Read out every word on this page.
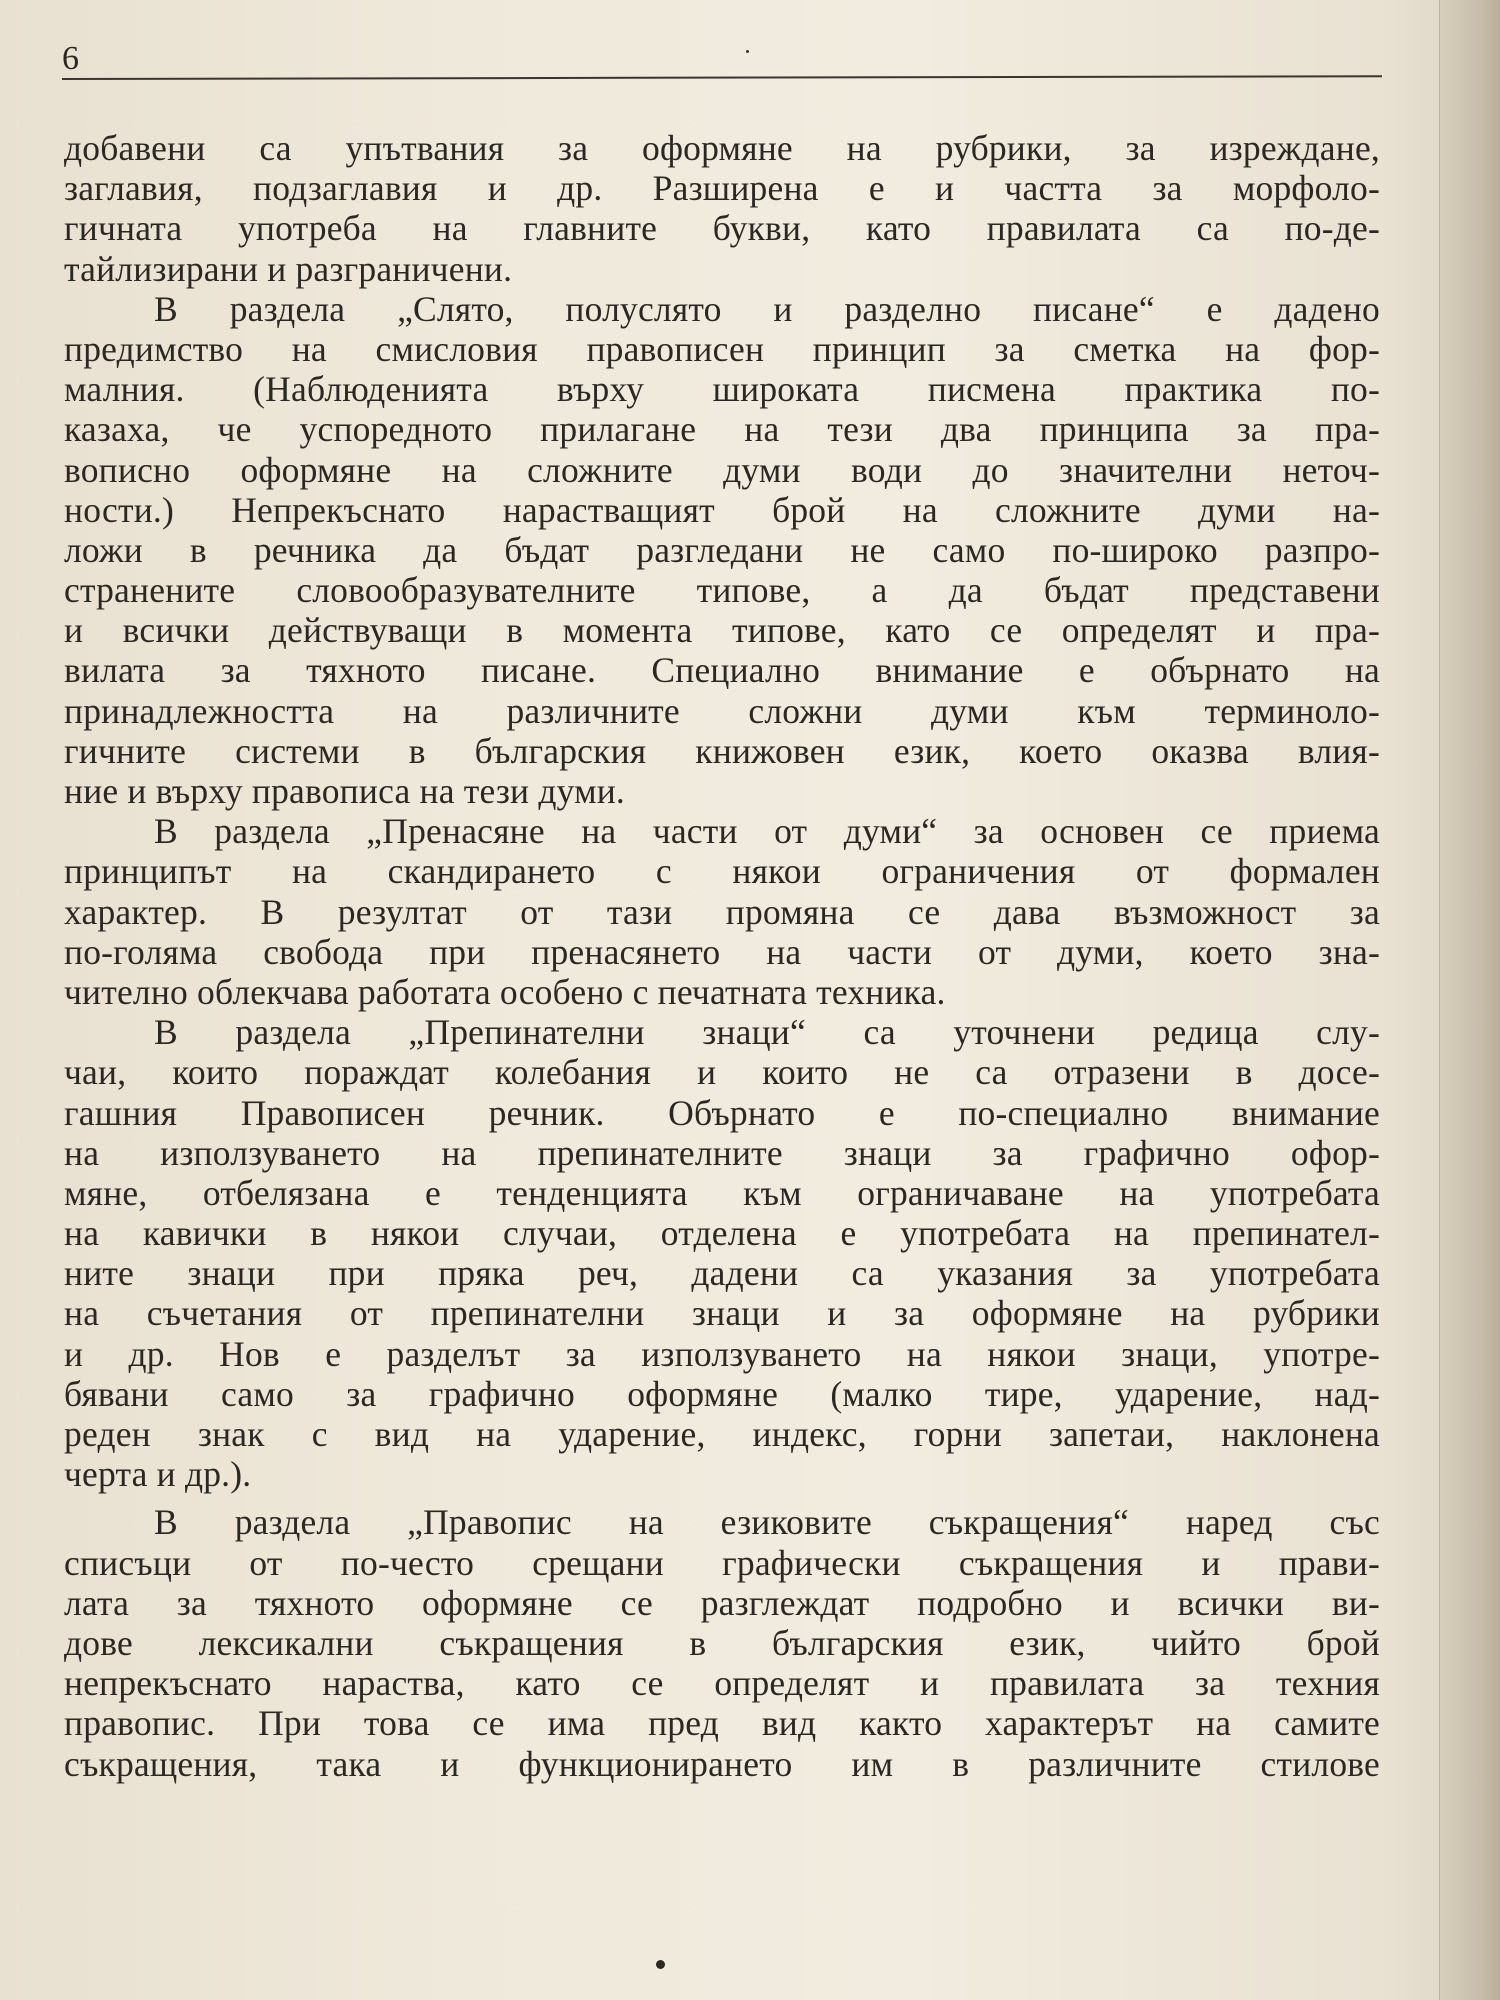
6
добавени са упътвания за оформяне на рубрики, за изреждане,
заглавия, подзаглавия и др. Разширена е и частта за морфоло-
гичната употреба на главните букви, като правилата са по-де-
тайлизирани и разграничени.
В раздела „Слято, полуслято и разделно писане“ е дадено
предимство на смисловия правописен принцип за сметка на фор-
малния. (Наблюденията върху широката писмена практика по-
казаха, че успоредното прилагане на тези два принципа за пра-
вописно оформяне на сложните думи води до значителни неточ-
ности.) Непрекъснато нарастващият брой на сложните думи на-
ложи в речника да бъдат разгледани не само по-широко разпро-
странените словообразувателните типове, а да бъдат представени
и всички действуващи в момента типове, като се определят и пра-
вилата за тяхното писане. Специално внимание е обърнато на
принадлежността на различните сложни думи към терминоло-
гичните системи в българския книжовен език, което оказва влия-
ние и върху правописа на тези думи.
В раздела „Пренасяне на части от думи“ за основен се приема
принципът на скандирането с някои ограничения от формален
характер. В резултат от тази промяна се дава възможност за
по-голяма свобода при пренасянето на части от думи, което зна-
чително облекчава работата особено с печатната техника.
В раздела „Препинателни знаци“ са уточнени редица слу-
чаи, които пораждат колебания и които не са отразени в досе-
гашния Правописен речник. Обърнато е по-специално внимание
на използуването на препинателните знаци за графично офор-
мяне, отбелязана е тенденцията към ограничаване на употребата
на кавички в някои случаи, отделена е употребата на препинател-
ните знаци при пряка реч, дадени са указания за употребата
на съчетания от препинателни знаци и за оформяне на рубрики
и др. Нов е разделът за използуването на някои знаци, употре-
бявани само за графично оформяне (малко тире, ударение, над-
реден знак с вид на ударение, индекс, горни запетаи, наклонена
черта и др.).
В раздела „Правопис на езиковите съкращения“ наред със
списъци от по-често срещани графически съкращения и прави-
лата за тяхното оформяне се разглеждат подробно и всички ви-
дове лексикални съкращения в българския език, чийто брой
непрекъснато нараства, като се определят и правилата за техния
правопис. При това се има пред вид както характерът на самите
съкращения, така и функционирането им в различните стилове
